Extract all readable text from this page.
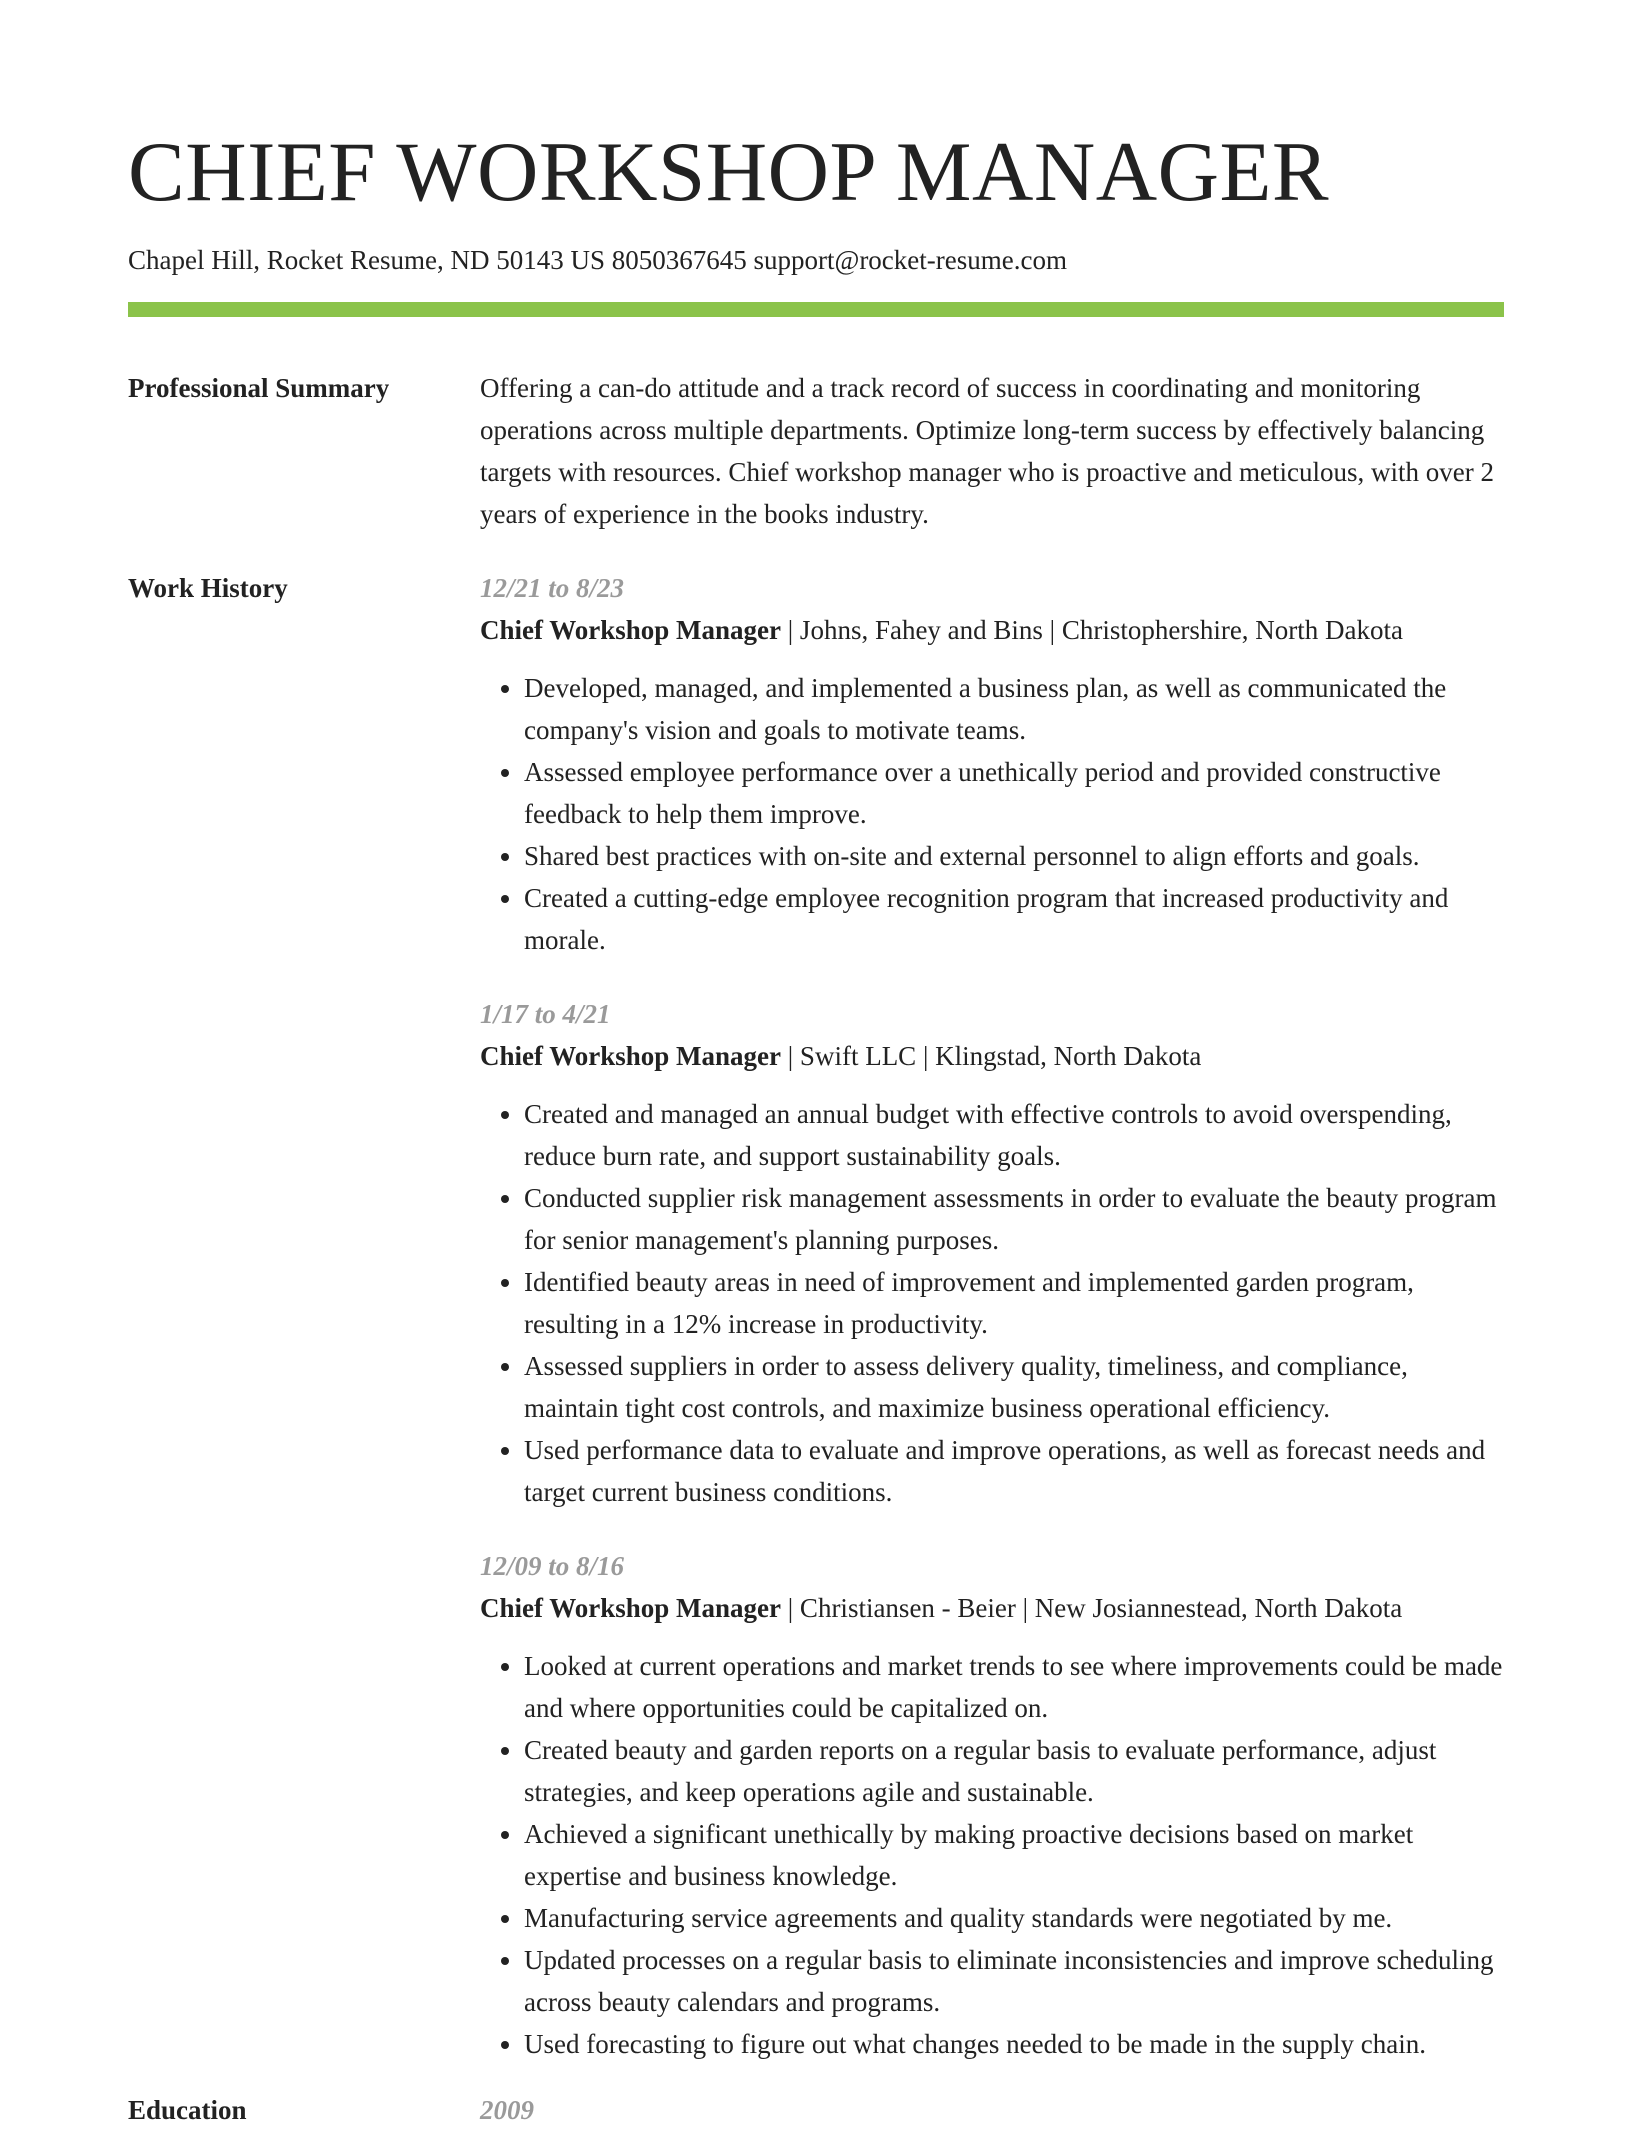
CHIEF WORKSHOP MANAGER
Chapel Hill, Rocket Resume, ND 50143 US 8050367645 support@rocket-resume.com
Professional Summary	Offering a can-do attitude and a track record of success in coordinating and monitoring operations across multiple departments. Optimize long-term success by effectively balancing targets with resources. Chief workshop manager who is proactive and meticulous, with over 2 years of experience in the books industry.
Work History	12/21 to 8/23
Chief Workshop Manager | Johns, Fahey and Bins | Christophershire, North Dakota
• Developed, managed, and implemented a business plan, as well as communicated the company's vision and goals to motivate teams.
• Assessed employee performance over a unethically period and provided constructive feedback to help them improve.
• Shared best practices with on-site and external personnel to align efforts and goals.
• Created a cutting-edge employee recognition program that increased productivity and morale.
1/17 to 4/21
Chief Workshop Manager | Swift LLC | Klingstad, North Dakota
• Created and managed an annual budget with effective controls to avoid overspending, reduce burn rate, and support sustainability goals.
• Conducted supplier risk management assessments in order to evaluate the beauty program for senior management's planning purposes.
• Identified beauty areas in need of improvement and implemented garden program, resulting in a 12% increase in productivity.
• Assessed suppliers in order to assess delivery quality, timeliness, and compliance, maintain tight cost controls, and maximize business operational efficiency.
• Used performance data to evaluate and improve operations, as well as forecast needs and target current business conditions.
12/09 to 8/16
Chief Workshop Manager | Christiansen - Beier | New Josiannestead, North Dakota
• Looked at current operations and market trends to see where improvements could be made and where opportunities could be capitalized on.
• Created beauty and garden reports on a regular basis to evaluate performance, adjust strategies, and keep operations agile and sustainable.
• Achieved a significant unethically by making proactive decisions based on market expertise and business knowledge.
• Manufacturing service agreements and quality standards were negotiated by me.
• Updated processes on a regular basis to eliminate inconsistencies and improve scheduling across beauty calendars and programs.
• Used forecasting to figure out what changes needed to be made in the supply chain.
Education	2009
